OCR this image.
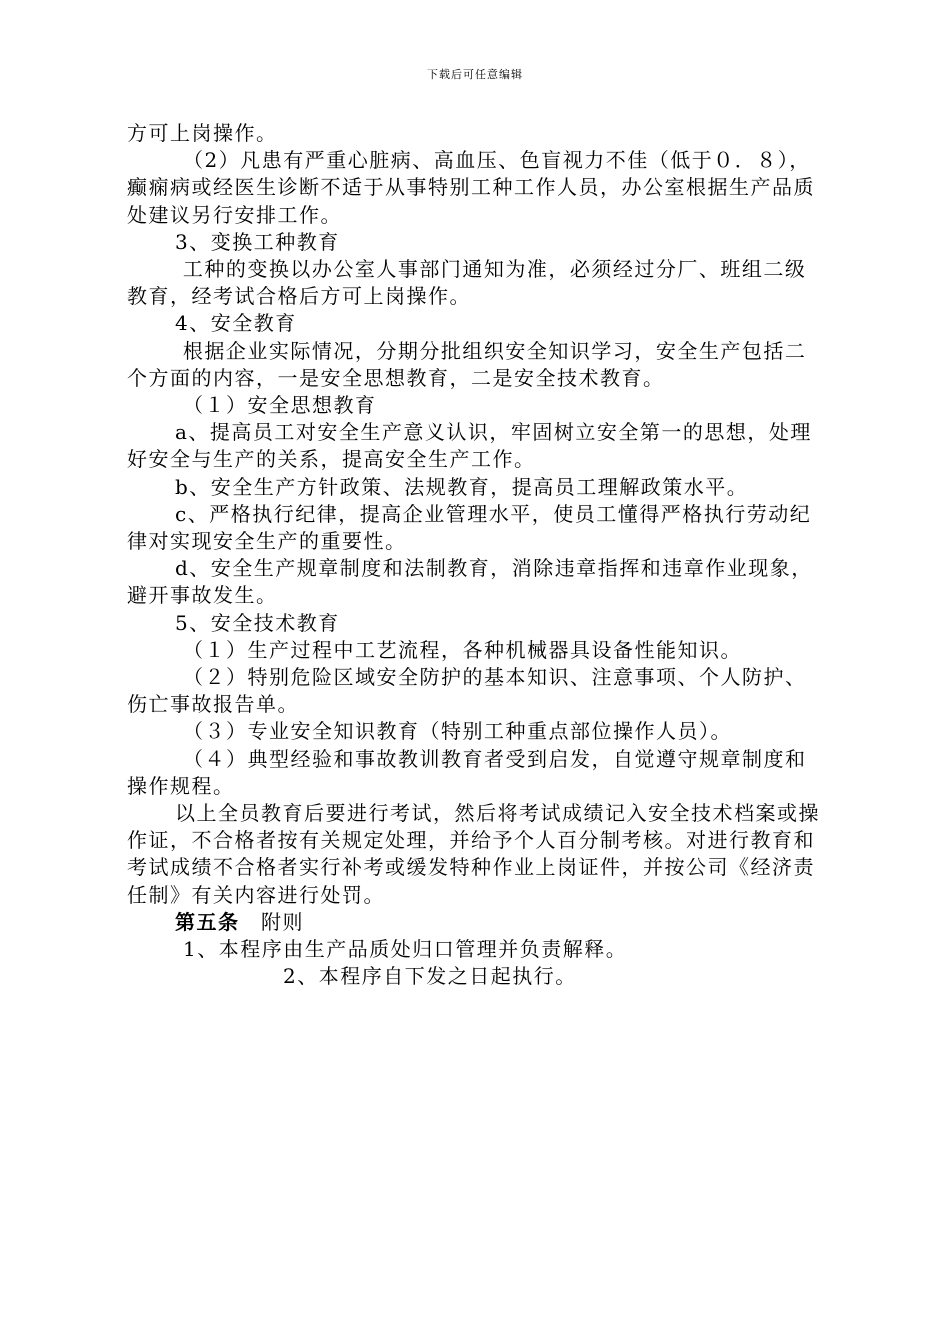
下载后可任意编辑

方可上岗操作。

（2）凡患有严重心脏病、高血压、色盲视力不佳（低于０．８），癫痫病或经医生诊断不适于从事特别工种工作人员，办公室根据生产品质处建议另行安排工作。

3、变换工种教育

工种的变换以办公室人事部门通知为准，必须经过分厂、班组二级教育，经考试合格后方可上岗操作。

4、安全教育

根据企业实际情况，分期分批组织安全知识学习，安全生产包括二个方面的内容，一是安全思想教育，二是安全技术教育。

（１）安全思想教育

a、提高员工对安全生产意义认识，牢固树立安全第一的思想，处理好安全与生产的关系，提高安全生产工作。

b、安全生产方针政策、法规教育，提高员工理解政策水平。

c、严格执行纪律，提高企业管理水平，使员工懂得严格执行劳动纪律对实现安全生产的重要性。

d、安全生产规章制度和法制教育，消除违章指挥和违章作业现象，避开事故发生。

5、安全技术教育

（１）生产过程中工艺流程，各种机械器具设备性能知识。

（２）特别危险区域安全防护的基本知识、注意事项、个人防护、伤亡事故报告单。

（３）专业安全知识教育（特别工种重点部位操作人员）。

（４）典型经验和事故教训教育者受到启发，自觉遵守规章制度和操作规程。

以上全员教育后要进行考试，然后将考试成绩记入安全技术档案或操作证，不合格者按有关规定处理，并给予个人百分制考核。对进行教育和考试成绩不合格者实行补考或缓发特种作业上岗证件，并按公司《经济责任制》有关内容进行处罚。

第五条　附则

1、本程序由生产品质处归口管理并负责解释。

2、本程序自下发之日起执行。
